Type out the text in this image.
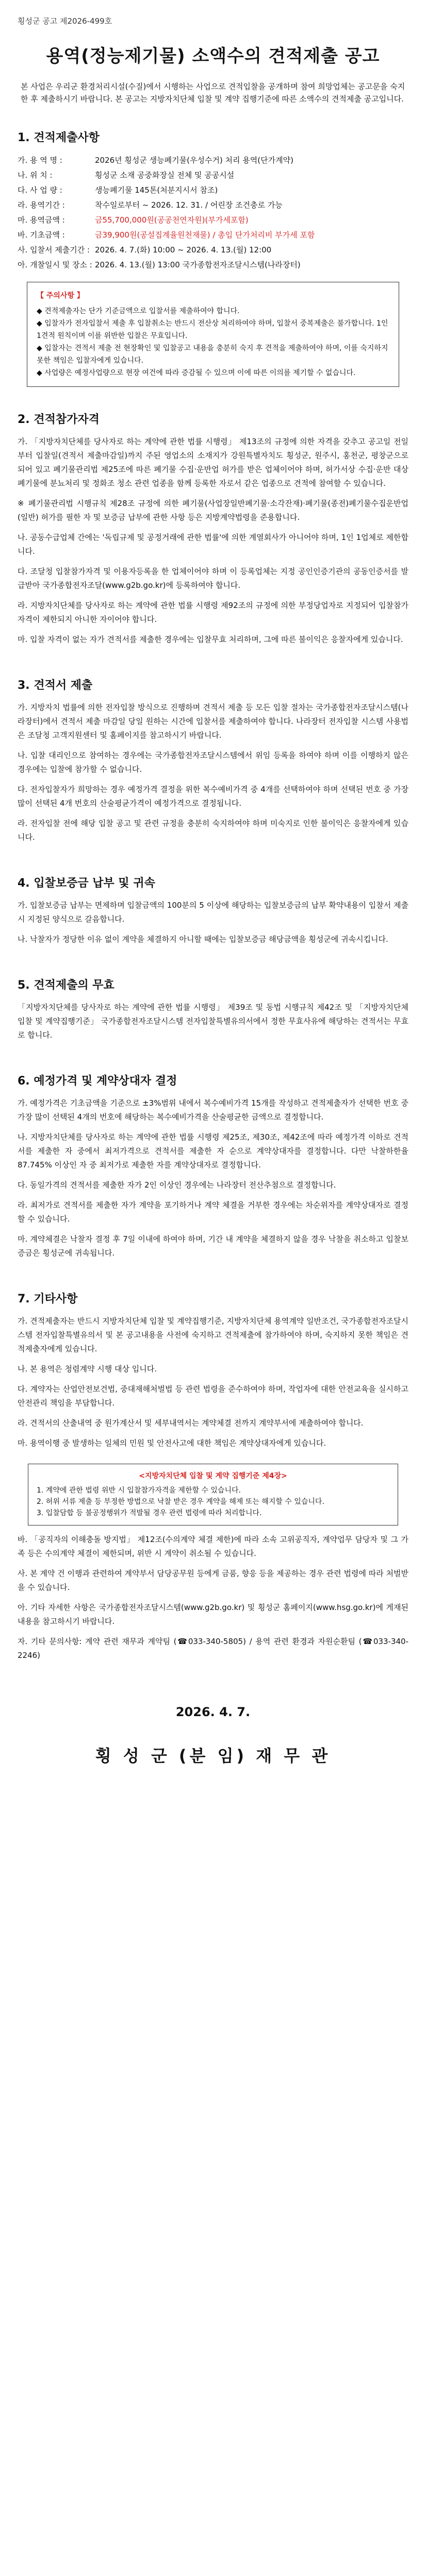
횡성군 공고 제2026-499호
용역(정능제기물) 소액수의 견적제출 공고
본 사업은 우리군 환경처리시설(수질)에서 시행하는 사업으로 견적입찰을 공개하며 참여 희망업체는 공고문을 숙지한 후 제출하시기 바랍니다. 본 공고는 지방자치단체 입찰 및 계약 집행기준에 따른 소액수의 견적제출 공고입니다.
1. 견적제출사항
가. 용 역 명 :	2026년 횡성군 생능폐기물(우성수거) 처리 용역(단가계약)
나. 위 치 :	횡성군 소재 공중화장실 전체 및 공공시설
다. 사 업 량 :	생능폐기물 145톤(처분지시서 참조)
라. 용역기간 :	착수일로부터 ~ 2026. 12. 31. / 어린장 조건충로 가능
마. 용역금액 :	금55,700,000원(공공천연자원)(부가세포함)
바. 기초금액 :	금39,900원(공설집계율원천재물) / 총입 단가처리비 부가세 포함
사. 입찰서 제출기간 : 2026. 4. 7.(화) 10:00 ~ 2026. 4. 13.(월) 12:00
아. 개찰일시 및 장소 : 2026. 4. 13.(월) 13:00 국가종합전자조달시스템(나라장터)
【 주의사항 】
◆ 견적제출자는 단가 기준금액으로 입찰서를 제출하여야 합니다.
◆ 입찰자가 전자입찰서 제출 후 입찰취소는 반드시 전산상 처리하여야 하며, 입찰서 중복제출은 불가합니다. 1인 1견적 원칙이며 이를 위반한 입찰은 무효입니다.
◆ 입찰자는 견적서 제출 전 현장확인 및 입찰공고 내용을 충분히 숙지 후 견적을 제출하여야 하며, 이를 숙지하지 못한 책임은 입찰자에게 있습니다.
◆ 사업량은 예정사업량으로 현장 여건에 따라 증감될 수 있으며 이에 따른 이의를 제기할 수 없습니다.
2. 견적참가자격

가. 「지방자치단체를 당사자로 하는 계약에 관한 법률 시행령」 제13조의 규정에 의한 자격을 갖추고 공고일 전일부터 입찰일(견적서 제출마감일)까지 주된 영업소의 소재지가 강원특별자치도 횡성군, 원주시, 홍천군, 평창군으로 되어 있고 폐기물관리법 제25조에 따른 폐기물 수집·운반업 허가를 받은 업체이어야 하며, 허가서상 수집·운반 대상 폐기물에 분뇨처리 및 정화조 청소 관련 업종을 함께 등록한 자로서 같은 업종으로 견적에 참여할 수 있습니다.

※ 폐기물관리법 시행규칙 제28조 규정에 의한 폐기물(사업장일반폐기물·소각잔재)·폐기물(종전)폐기물수집운반업(일반) 허가를 필한 자 및 보증금 납부에 관한 사항 등은 지방계약법령을 준용합니다.

나. 공동수급업체 간에는 '독립규제 및 공정거래에 관한 법률'에 의한 계열회사가 아니어야 하며, 1인 1업체로 제한합니다.

다. 조달청 입찰참가자격 및 이용자등록을 한 업체이어야 하며 이 등록업체는 지정 공인인증기관의 공동인증서를 발급받아 국가종합전자조달(www.g2b.go.kr)에 등록하여야 합니다.

라. 지방자치단체를 당사자로 하는 계약에 관한 법률 시행령 제92조의 규정에 의한 부정당업자로 지정되어 입찰참가자격이 제한되지 아니한 자이어야 합니다.

마. 입찰 자격이 없는 자가 견적서를 제출한 경우에는 입찰무효 처리하며, 그에 따른 불이익은 응찰자에게 있습니다.

3. 견적서 제출

가. 지방자치 법률에 의한 전자입찰 방식으로 진행하며 견적서 제출 등 모든 입찰 절차는 국가종합전자조달시스템(나라장터)에서 견적서 제출 마감일 당일 원하는 시간에 입찰서를 제출하여야 합니다. 나라장터 전자입찰 시스템 사용법은 조달청 고객지원센터 및 홈페이지를 참고하시기 바랍니다.

나. 입찰 대리인으로 참여하는 경우에는 국가종합전자조달시스템에서 위임 등록을 하여야 하며 이를 이행하지 않은 경우에는 입찰에 참가할 수 없습니다.

다. 전자입찰자가 희망하는 경우 예정가격 결정을 위한 복수예비가격 중 4개를 선택하여야 하며 선택된 번호 중 가장 많이 선택된 4개 번호의 산술평균가격이 예정가격으로 결정됩니다.

라. 전자입찰 전에 해당 입찰 공고 및 관련 규정을 충분히 숙지하여야 하며 미숙지로 인한 불이익은 응찰자에게 있습니다.

4. 입찰보증금 납부 및 귀속

가. 입찰보증금 납부는 면제하며 입찰금액의 100분의 5 이상에 해당하는 입찰보증금의 납부 확약내용이 입찰서 제출 시 지정된 양식으로 갈음합니다.

나. 낙찰자가 정당한 이유 없이 계약을 체결하지 아니할 때에는 입찰보증금 해당금액을 횡성군에 귀속시킵니다.

5. 견적제출의 무효

「지방자치단체를 당사자로 하는 계약에 관한 법률 시행령」 제39조 및 동법 시행규칙 제42조 및 「지방자치단체 입찰 및 계약집행기준」 국가종합전자조달시스템 전자입찰특별유의서에서 정한 무효사유에 해당하는 견적서는 무효로 합니다.

6. 예정가격 및 계약상대자 결정

가. 예정가격은 기초금액을 기준으로 ±3%범위 내에서 복수예비가격 15개를 작성하고 견적제출자가 선택한 번호 중 가장 많이 선택된 4개의 번호에 해당하는 복수예비가격을 산술평균한 금액으로 결정합니다.

나. 지방자치단체를 당사자로 하는 계약에 관한 법률 시행령 제25조, 제30조, 제42조에 따라 예정가격 이하로 견적서를 제출한 자 중에서 최저가격으로 견적서를 제출한 자 순으로 계약상대자를 결정합니다. 다만 낙찰하한율 87.745% 이상인 자 중 최저가로 제출한 자를 계약상대자로 결정합니다.

다. 동일가격의 견적서를 제출한 자가 2인 이상인 경우에는 나라장터 전산추첨으로 결정합니다.

라. 최저가로 견적서를 제출한 자가 계약을 포기하거나 계약 체결을 거부한 경우에는 차순위자를 계약상대자로 결정할 수 있습니다.

마. 계약체결은 낙찰자 결정 후 7일 이내에 하여야 하며, 기간 내 계약을 체결하지 않을 경우 낙찰을 취소하고 입찰보증금은 횡성군에 귀속됩니다.

7. 기타사항

가. 견적제출자는 반드시 지방자치단체 입찰 및 계약집행기준, 지방자치단체 용역계약 일반조건, 국가종합전자조달시스템 전자입찰특별유의서 및 본 공고내용을 사전에 숙지하고 견적제출에 참가하여야 하며, 숙지하지 못한 책임은 견적제출자에게 있습니다.

나. 본 용역은 청렴계약 시행 대상 입니다.

다. 계약자는 산업안전보건법, 중대재해처벌법 등 관련 법령을 준수하여야 하며, 작업자에 대한 안전교육을 실시하고 안전관리 책임을 부담합니다.

라. 견적서의 산출내역 중 원가계산서 및 세부내역서는 계약체결 전까지 계약부서에 제출하여야 합니다.

마. 용역이행 중 발생하는 일체의 민원 및 안전사고에 대한 책임은 계약상대자에게 있습니다.

<지방자치단체 입찰 및 계약 집행기준 제4장>
1. 계약에 관한 법령 위반 시 입찰참가자격을 제한할 수 있습니다.
2. 허위 서류 제출 등 부정한 방법으로 낙찰 받은 경우 계약을 해제 또는 해지할 수 있습니다.
3. 입찰담합 등 불공정행위가 적발될 경우 관련 법령에 따라 처리합니다.

바. 「공직자의 이해충돌 방지법」 제12조(수의계약 체결 제한)에 따라 소속 고위공직자, 계약업무 담당자 및 그 가족 등은 수의계약 체결이 제한되며, 위반 시 계약이 취소될 수 있습니다.

사. 본 계약 건 이행과 관련하여 계약부서 담당공무원 등에게 금품, 향응 등을 제공하는 경우 관련 법령에 따라 처벌받을 수 있습니다.

아. 기타 자세한 사항은 국가종합전자조달시스템(www.g2b.go.kr) 및 횡성군 홈페이지(www.hsg.go.kr)에 게재된 내용을 참고하시기 바랍니다.

자. 기타 문의사항: 계약 관련 재무과 계약팀 (☎033-340-5805) / 용역 관련 환경과 자원순환팀 (☎033-340-2246)

2026. 4. 7.
횡 성 군 (분 임) 재 무 관
